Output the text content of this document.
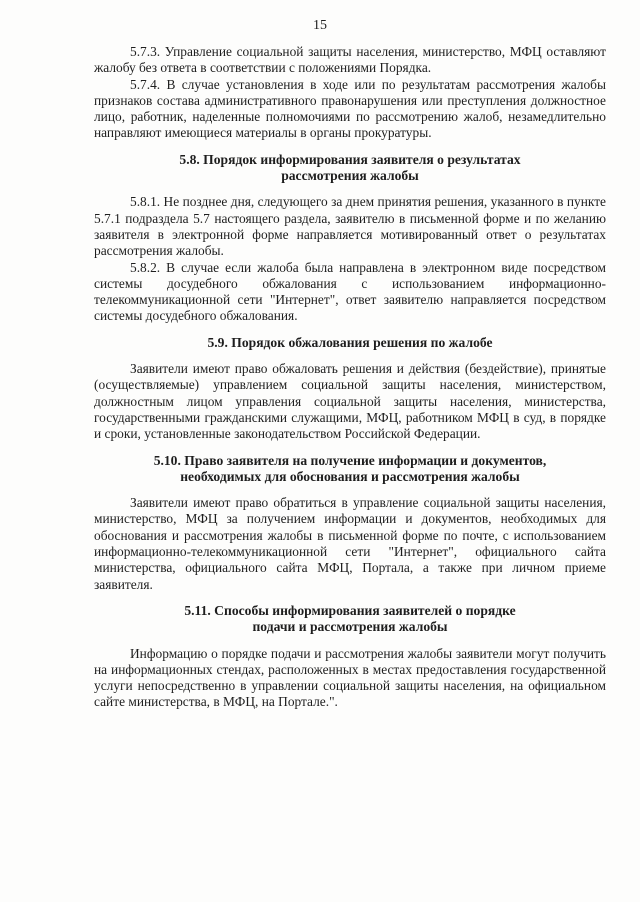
15

5.7.3. Управление социальной защиты населения, министерство, МФЦ оставляют жалобу без ответа в соответствии с положениями Порядка.

5.7.4. В случае установления в ходе или по результатам рассмотрения жалобы признаков состава административного правонарушения или преступления должностное лицо, работник, наделенные полномочиями по рассмотрению жалоб, незамедлительно направляют имеющиеся материалы в органы прокуратуры.

5.8. Порядок информирования заявителя о результатах
рассмотрения жалобы

5.8.1. Не позднее дня, следующего за днем принятия решения, указанного в пункте 5.7.1 подраздела 5.7 настоящего раздела, заявителю в письменной форме и по желанию заявителя в электронной форме направляется мотивированный ответ о результатах рассмотрения жалобы.

5.8.2. В случае если жалоба была направлена в электронном виде посредством системы досудебного обжалования с использованием информационно-телекоммуникационной сети "Интернет", ответ заявителю направляется посредством системы досудебного обжалования.

5.9. Порядок обжалования решения по жалобе

Заявители имеют право обжаловать решения и действия (бездействие), принятые (осуществляемые) управлением социальной защиты населения, министерством, должностным лицом управления социальной защиты населения, министерства, государственными гражданскими служащими, МФЦ, работником МФЦ в суд, в порядке и сроки, установленные законодательством Российской Федерации.

5.10. Право заявителя на получение информации и документов,
необходимых для обоснования и рассмотрения жалобы

Заявители имеют право обратиться в управление социальной защиты населения, министерство, МФЦ за получением информации и документов, необходимых для обоснования и рассмотрения жалобы в письменной форме по почте, с использованием информационно-телекоммуникационной сети "Интернет", официального сайта министерства, официального сайта МФЦ, Портала, а также при личном приеме заявителя.

5.11. Способы информирования заявителей о порядке
подачи и рассмотрения жалобы

Информацию о порядке подачи и рассмотрения жалобы заявители могут получить на информационных стендах, расположенных в местах предоставления государственной услуги непосредственно в управлении социальной защиты населения, на официальном сайте министерства, в МФЦ, на Портале.".
